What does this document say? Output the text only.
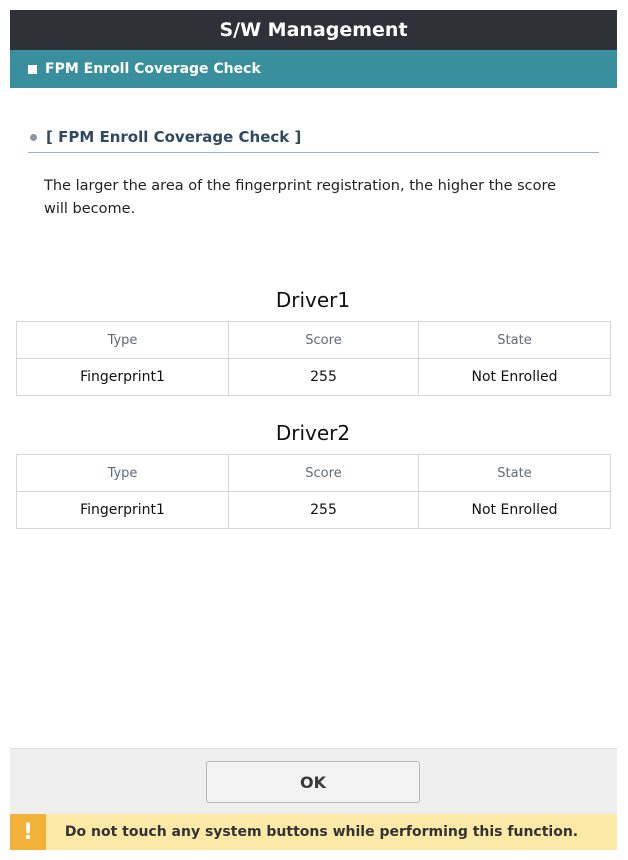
S/W Management
FPM Enroll Coverage Check
[ FPM Enroll Coverage Check ]
The larger the area of the fingerprint registration, the higher the score will become.
Driver1
Type	Score	State
Fingerprint1	255	Not Enrolled
Driver2
Type	Score	State
Fingerprint1	255	Not Enrolled
OK
!	Do not touch any system buttons while performing this function.
